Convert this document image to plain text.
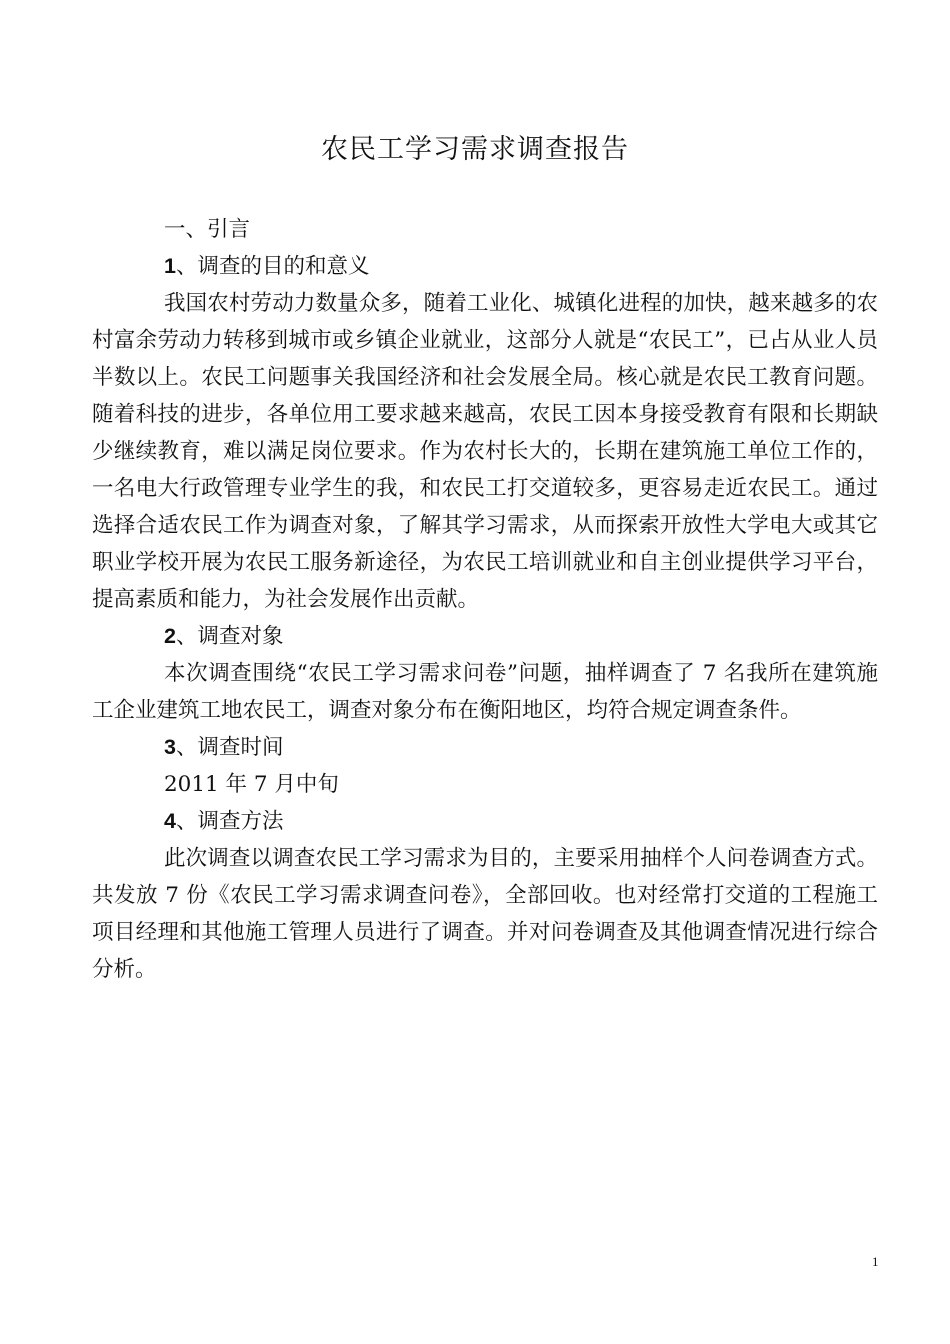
农民工学习需求调查报告

一、引言

1、调查的目的和意义

我国农村劳动力数量众多，随着工业化、城镇化进程的加快，越来越多的农村富余劳动力转移到城市或乡镇企业就业，这部分人就是“农民工”，已占从业人员半数以上。农民工问题事关我国经济和社会发展全局。核心就是农民工教育问题。随着科技的进步，各单位用工要求越来越高，农民工因本身接受教育有限和长期缺少继续教育，难以满足岗位要求。作为农村长大的，长期在建筑施工单位工作的，一名电大行政管理专业学生的我，和农民工打交道较多，更容易走近农民工。通过选择合适农民工作为调查对象，了解其学习需求，从而探索开放性大学电大或其它职业学校开展为农民工服务新途径，为农民工培训就业和自主创业提供学习平台，提高素质和能力，为社会发展作出贡献。

2、调查对象

本次调查围绕“农民工学习需求问卷”问题，抽样调查了 7 名我所在建筑施工企业建筑工地农民工，调查对象分布在衡阳地区，均符合规定调查条件。

3、调查时间

2011 年 7 月中旬

4、调查方法

此次调查以调查农民工学习需求为目的，主要采用抽样个人问卷调查方式。共发放 7 份《农民工学习需求调查问卷》，全部回收。也对经常打交道的工程施工项目经理和其他施工管理人员进行了调查。并对问卷调查及其他调查情况进行综合分析。

1
